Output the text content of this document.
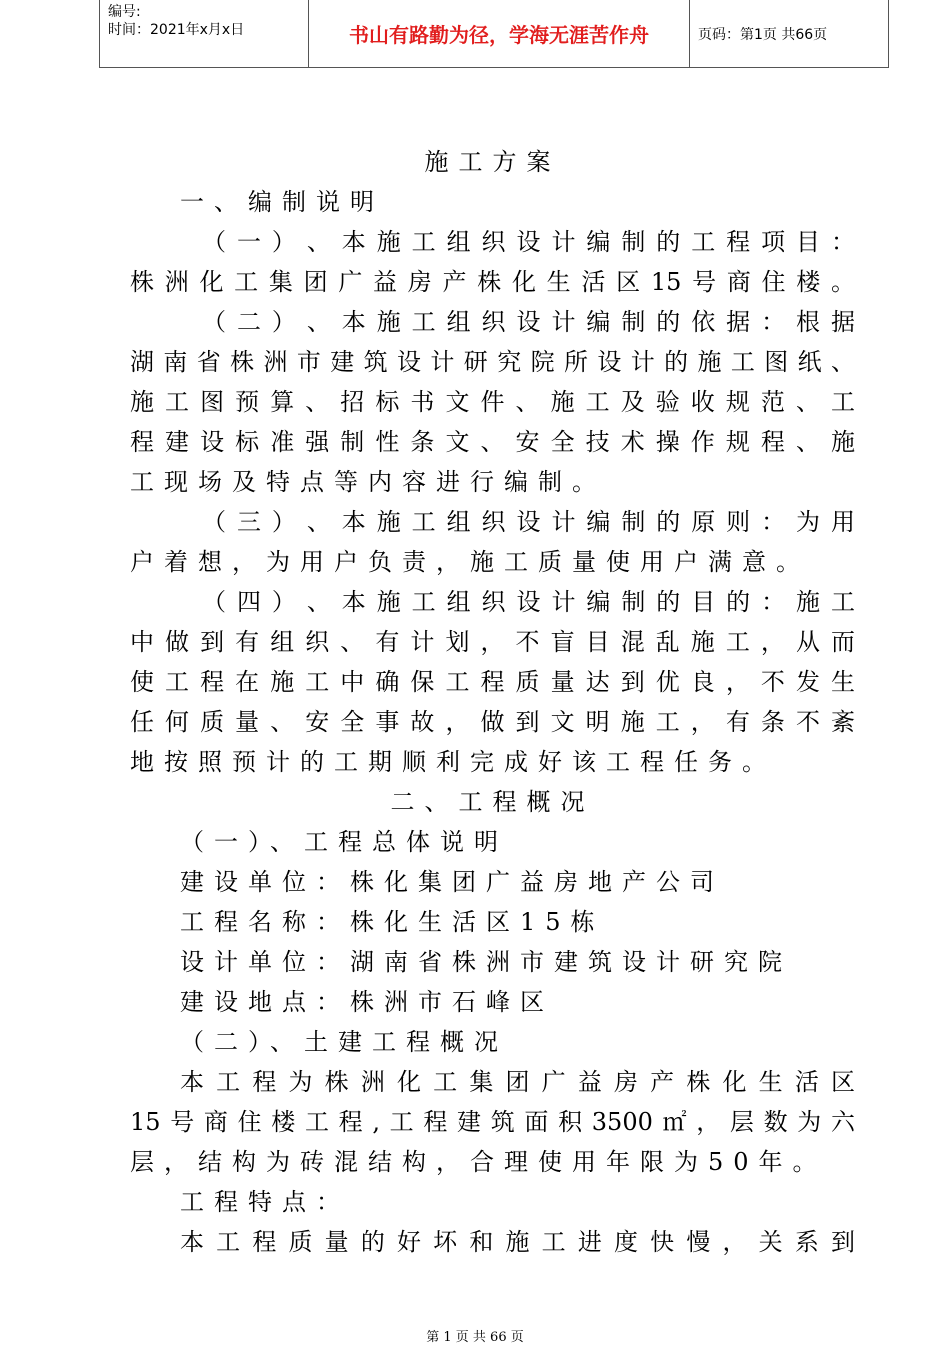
编号:
时间：2021年x月x日	书山有路勤为径，学海无涯苦作舟	页码：第1页 共66页
施工方案
一、编制说明
（​一​）​、​本​施​工​组​织​设​计​编​制​的​工​程​项​目​：
株​洲​化​工​集​团​广​益​房​产​株​化​生​活​区​1​5​号​商​住​楼​。
（​二​）​、​本​施​工​组​织​设​计​编​制​的​依​据​：​根​据
湖​南​省​株​洲​市​建​筑​设​计​研​究​院​所​设​计​的​施​工​图​纸​、
施​工​图​预​算​、​招​标​书​文​件​、​施​工​及​验​收​规​范​、​工
程​建​设​标​准​强​制​性​条​文​、​安​全​技​术​操​作​规​程​、​施
工现场及特点等内容进行编制。
（​三​）​、​本​施​工​组​织​设​计​编​制​的​原​则​：​为​用
户着想，为用户负责，施工质量使用户满意。
（​四​）​、​本​施​工​组​织​设​计​编​制​的​目​的​：​施​工
中​做​到​有​组​织​、​有​计​划​，​不​盲​目​混​乱​施​工​，​从​而
使​工​程​在​施​工​中​确​保​工​程​质​量​达​到​优​良​，​不​发​生
任​何​质​量​、​安​全​事​故​，​做​到​文​明​施​工​，​有​条​不​紊
地按照预计的工期顺利完成好该工程任务。
二、工程概况
（一）、工程总体说明
建设单位：株化集团广益房地产公司
工程名称：株化生活区15栋
设计单位：湖南省株洲市建筑设计研究院
建设地点：株洲市石峰区
（二）、土建工程概况
本​工​程​为​株​洲​化​工​集​团​广​益​房​产​株​化​生​活​区
1​5​号​商​住​楼​工​程​,​工​程​建​筑​面​积​3​5​0​0​㎡​，​层​数​为​六
层，结构为砖混结构，合理使用年限为50年。
工程特点：
本​工​程​质​量​的​好​坏​和​施​工​进​度​快​慢​，​关​系​到
第 1 页 共 66 页
